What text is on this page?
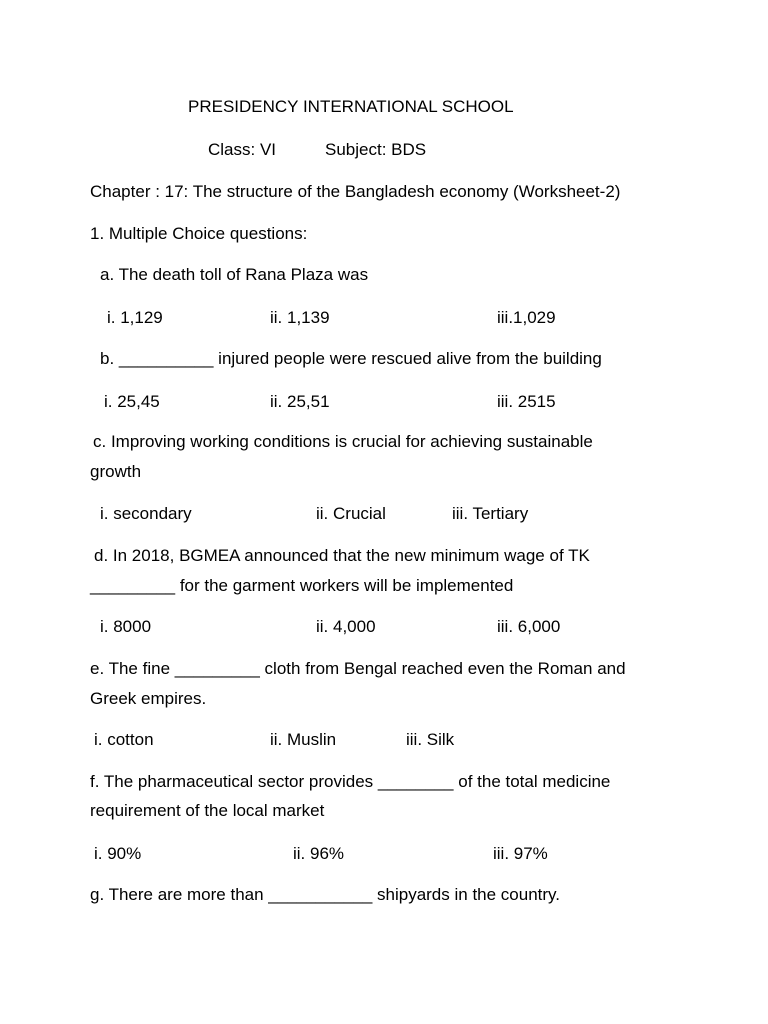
PRESIDENCY INTERNATIONAL SCHOOL
Class: VI	Subject: BDS
Chapter : 17: The structure of the Bangladesh economy (Worksheet-2)
1. Multiple Choice questions:
a. The death toll of Rana Plaza was
i. 1,129	ii. 1,139	iii.1,029
b. __________ injured people were rescued alive from the building
i. 25,45	ii. 25,51	iii. 2515
c. Improving working conditions is crucial for achieving sustainable
growth
i. secondary	ii. Crucial	iii. Tertiary
d. In 2018, BGMEA announced that the new minimum wage of TK
_________ for the garment workers will be implemented
i. 8000	ii. 4,000	iii. 6,000
e. The fine _________ cloth from Bengal reached even the Roman and
Greek empires.
i. cotton	ii. Muslin	iii. Silk
f. The pharmaceutical sector provides ________ of the total medicine
requirement of the local market
i. 90%	ii. 96%	iii. 97%
g. There are more than ___________ shipyards in the country.
